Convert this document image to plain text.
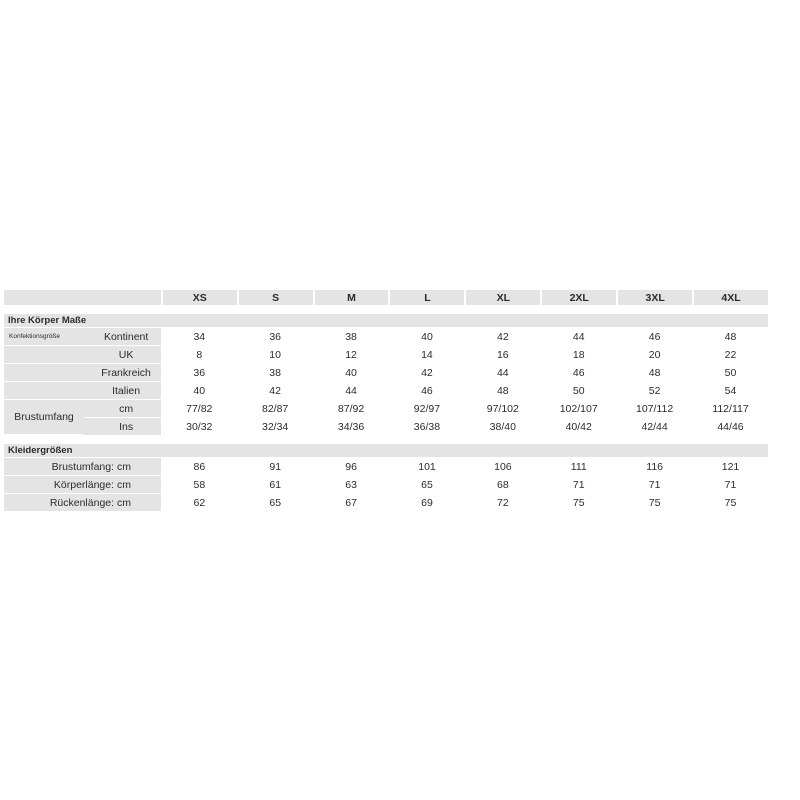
XS	S	M	L	XL	2XL	3XL	4XL
Ihre Körper Maße
Konfektionsgröße	Kontinent	34	36	38	40	42	44	46	48
UK	8	10	12	14	16	18	20	22
Frankreich	36	38	40	42	44	46	48	50
Italien	40	42	44	46	48	50	52	54
Brustumfang
cm	77/82	82/87	87/92	92/97	97/102	102/107	107/112	112/117
Ins	30/32	32/34	34/36	36/38	38/40	40/42	42/44	44/46
Kleidergrößen
Brustumfang: cm	86	91	96	101	106	111	116	121
Körperlänge: cm	58	61	63	65	68	71	71	71
Rückenlänge: cm	62	65	67	69	72	75	75	75
